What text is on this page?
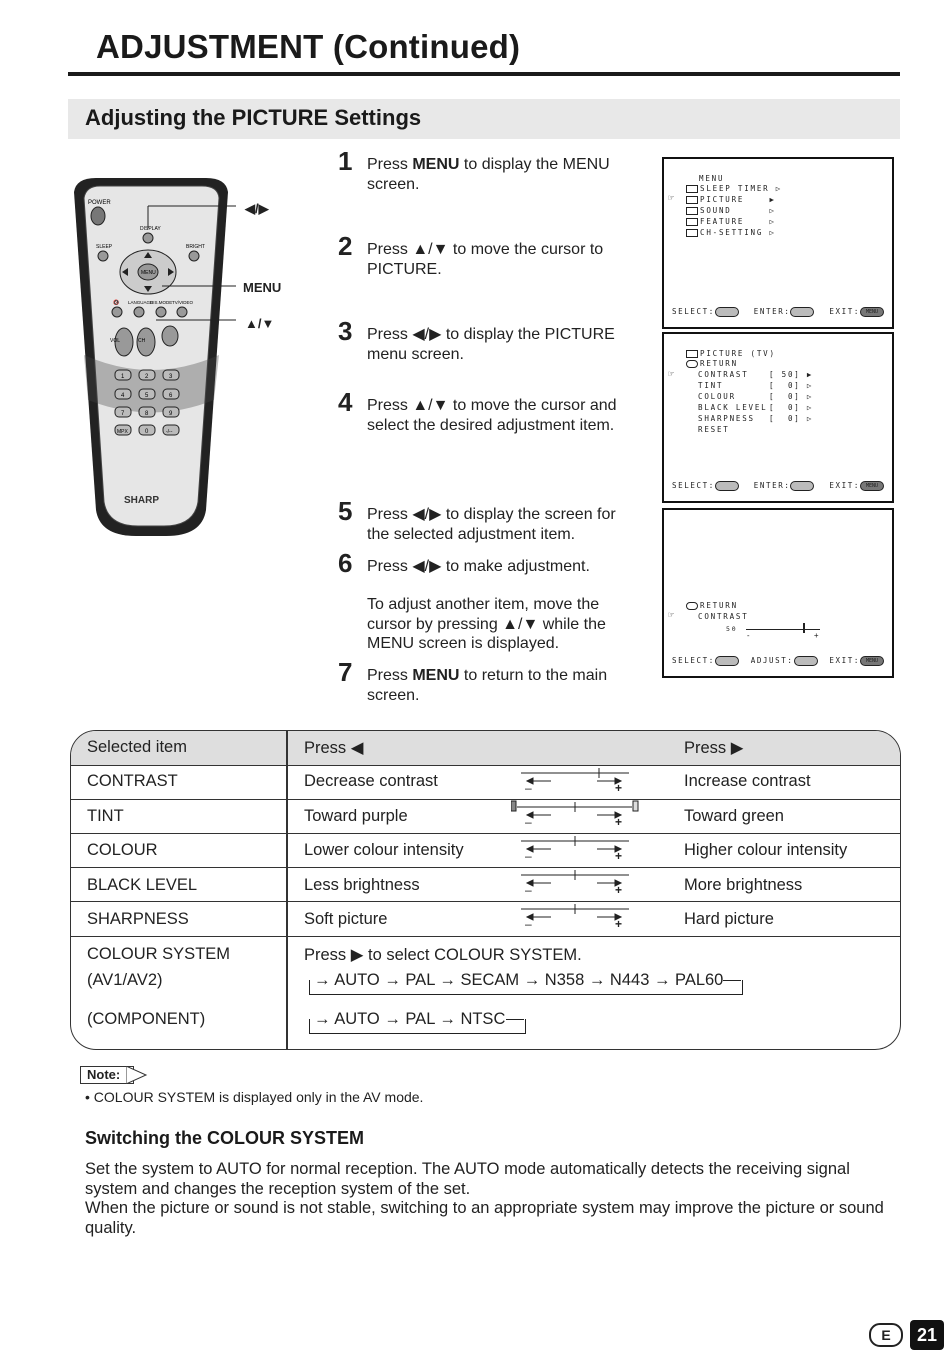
ADJUSTMENT (Continued)
Adjusting the PICTURE Settings
POWER
DISPLAY
SLEEP	BRIGHT
MENU
🔇 LANGUAGE
DIS.MODE TV/VIDEO
VOL	CH
1	2	3
4	5	6
7	8	9
MPX	0	-/--
SHARP
◀/▶
MENU
▲/▼
1 Press MENU to display the MENU screen.
2 Press ▲/▼ to move the cursor to PICTURE.
3 Press ◀/▶ to display the PICTURE menu screen.
4 Press ▲/▼ to move the cursor and select the desired adjustment item.
5 Press ◀/▶ to display the screen for the selected adjustment item.
6 Press ◀/▶ to make adjustment.
To adjust another item, move the cursor by pressing ▲/▼ while the MENU screen is displayed.
7 Press MENU to return to the main screen.
MENU
SLEEP TIMER ▷
☞	PICTURE    ▶
SOUND      ▷
FEATURE    ▷
CH-SETTING ▷
SELECT:	ENTER:	EXIT: MENU
PICTURE (TV)
RETURN
☞	CONTRAST	[ 50] ▶
TINT	[  0] ▷
COLOUR	[  0] ▷
BLACK LEVEL [  0] ▷
SHARPNESS [  0] ▷
RESET
SELECT:	ENTER:	EXIT: MENU
RETURN
☞	CONTRAST
50
-	+
SELECT:	ADJUST:	EXIT: MENU
Selected item	Press ◀	Press ▶
CONTRAST	Decrease contrast	Increase contrast
TINT	Toward purple	Toward green
COLOUR	Lower colour intensity	Higher colour intensity
BLACK LEVEL	Less brightness	More brightness
SHARPNESS	Soft picture	Hard picture
–	+
–	+
–	+
–	+
–	+
COLOUR SYSTEM
(AV1/AV2)
(COMPONENT)
Press ▶ to select COLOUR SYSTEM.
→ AUTO → PAL → SECAM → N358 → N443 → PAL60
→ AUTO → PAL → NTSC
Note:
• COLOUR SYSTEM is displayed only in the AV mode.
Switching the COLOUR SYSTEM
Set the system to AUTO for normal reception. The AUTO mode automatically detects the receiving signal system and changes the reception system of the set.
When the picture or sound is not stable, switching to an appropriate system may improve the picture or sound quality.
E	21
